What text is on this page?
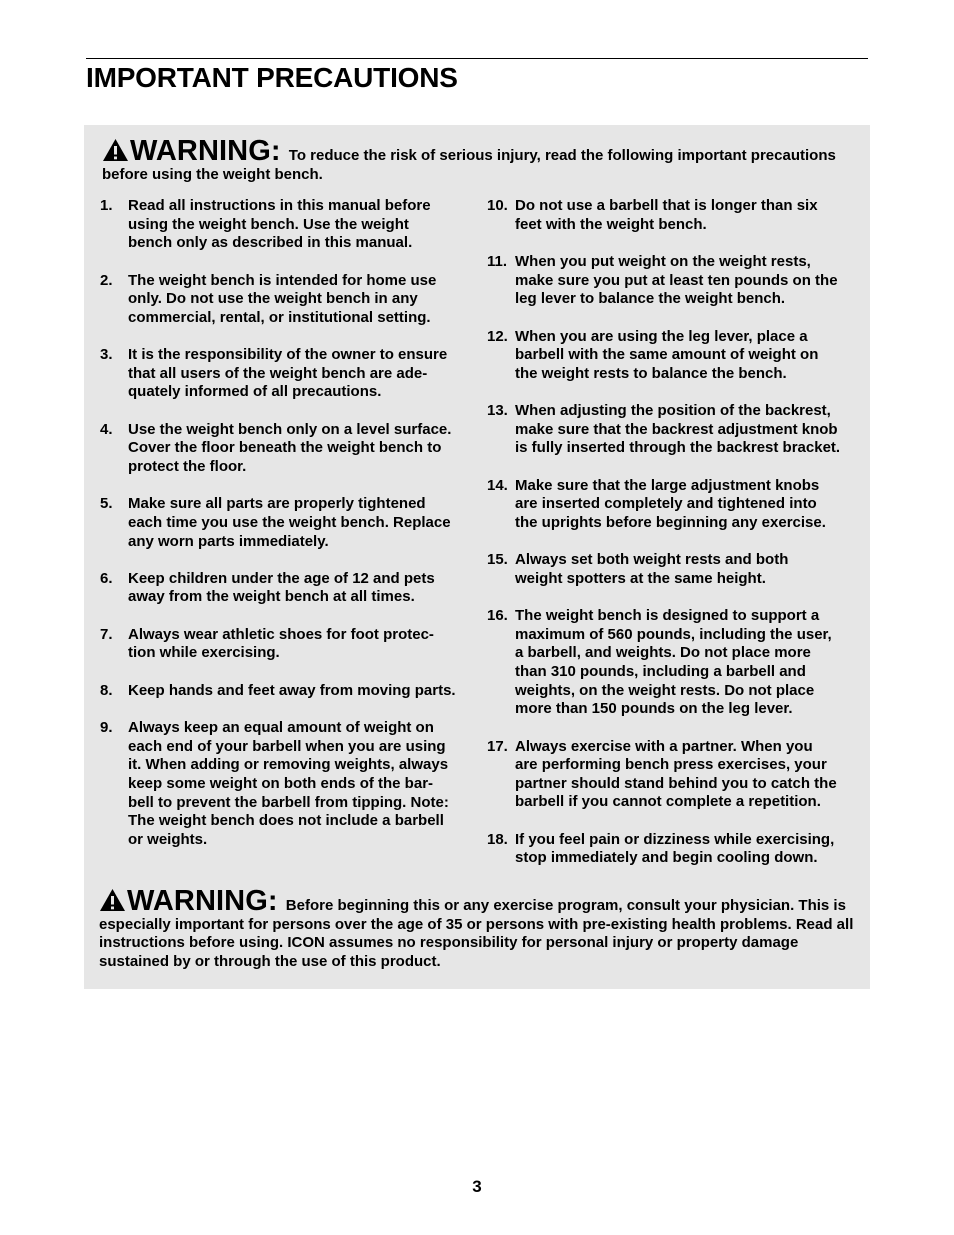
IMPORTANT PRECAUTIONS
WARNING: To reduce the risk of serious injury, read the following important precautions before using the weight bench.
1.	Read all instructions in this manual before
using the weight bench. Use the weight
bench only as described in this manual.
2.	The weight bench is intended for home use
only. Do not use the weight bench in any
commercial, rental, or institutional setting.
3.	It is the responsibility of the owner to ensure
that all users of the weight bench are ade-
quately informed of all precautions.
4.	Use the weight bench only on a level surface.
Cover the floor beneath the weight bench to
protect the floor.
5.	Make sure all parts are properly tightened
each time you use the weight bench. Replace
any worn parts immediately.
6.	Keep children under the age of 12 and pets
away from the weight bench at all times.
7.	Always wear athletic shoes for foot protec-
tion while exercising.
8.	Keep hands and feet away from moving parts.
9.	Always keep an equal amount of weight on
each end of your barbell when you are using
it. When adding or removing weights, always
keep some weight on both ends of the bar-
bell to prevent the barbell from tipping. Note:
The weight bench does not include a barbell
or weights.
10. Do not use a barbell that is longer than six
feet with the weight bench.
11. When you put weight on the weight rests,
make sure you put at least ten pounds on the
leg lever to balance the weight bench.
12. When you are using the leg lever, place a
barbell with the same amount of weight on
the weight rests to balance the bench.
13. When adjusting the position of the backrest,
make sure that the backrest adjustment knob
is fully inserted through the backrest bracket.
14. Make sure that the large adjustment knobs
are inserted completely and tightened into
the uprights before beginning any exercise.
15. Always set both weight rests and both
weight spotters at the same height.
16. The weight bench is designed to support a
maximum of 560 pounds, including the user,
a barbell, and weights. Do not place more
than 310 pounds, including a barbell and
weights, on the weight rests. Do not place
more than 150 pounds on the leg lever.
17. Always exercise with a partner. When you
are performing bench press exercises, your
partner should stand behind you to catch the
barbell if you cannot complete a repetition.
18. If you feel pain or dizziness while exercising,
stop immediately and begin cooling down.
WARNING: Before beginning this or any exercise program, consult your physician. This is especially important for persons over the age of 35 or persons with pre-existing health problems. Read all instructions before using. ICON assumes no responsibility for personal injury or property damage sustained by or through the use of this product.
3
